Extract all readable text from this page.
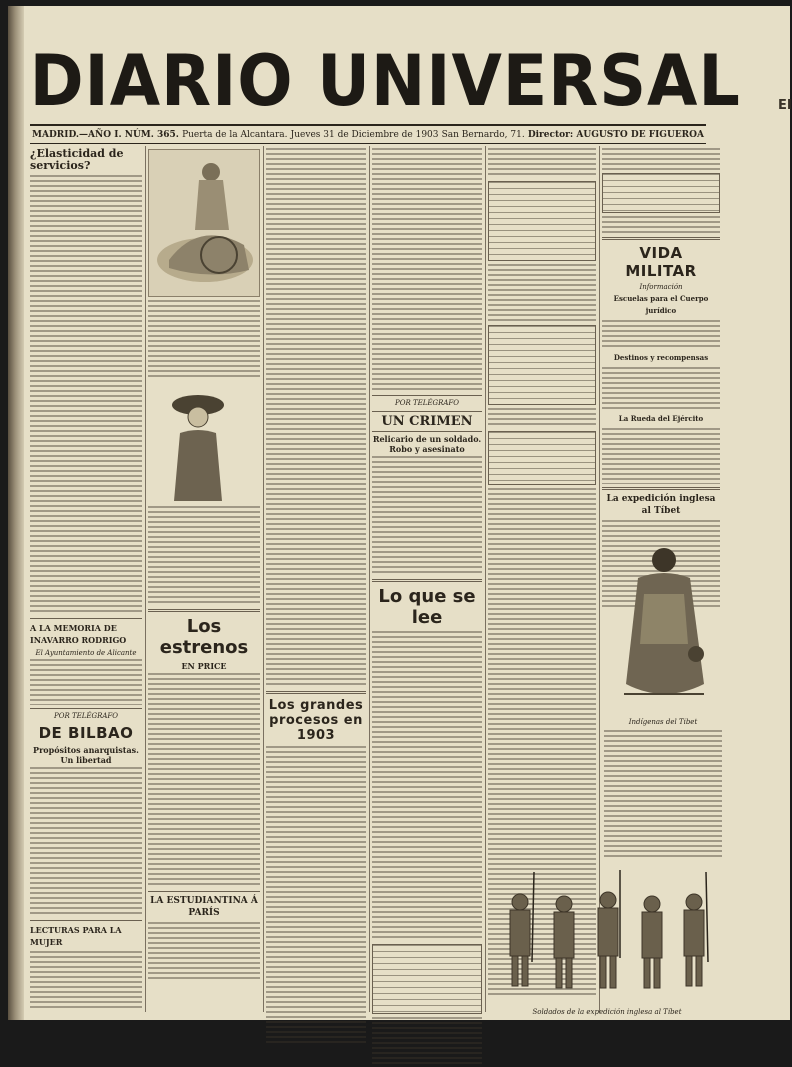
DIARIO UNIVERSAL	EI
MADRID.—AÑO I. NÚM. 365. Puerta de la Alcantara. Jueves 31 de Diciembre de 1903 San Bernardo, 71. Director: AUGUSTO DE FIGUEROA
¿Elasticidad de servicios?
A LA MEMORIA DE INAVARRO RODRIGO
El Ayuntamiento de Alicante
POR TELÉGRAFO
DE BILBAO
Propósitos anarquistas. Un libertad
LECTURAS PARA LA MUJER
Los estrenos
EN PRICE
LA ESTUDIANTINA Á PARÍS
Los grandes procesos en 1903
POR TELÉGRAFO
UN CRIMEN
Relicario de un soldado. Robo y asesinato
Lo que se lee
VIDA MILITAR
Información
Escuelas para el Cuerpo jurídico
Destinos y recompensas
La Rueda del Ejército
La expedición inglesa al Tíbet
Indígenas del Tibet
Soldados de la expedición inglesa al Tíbet
